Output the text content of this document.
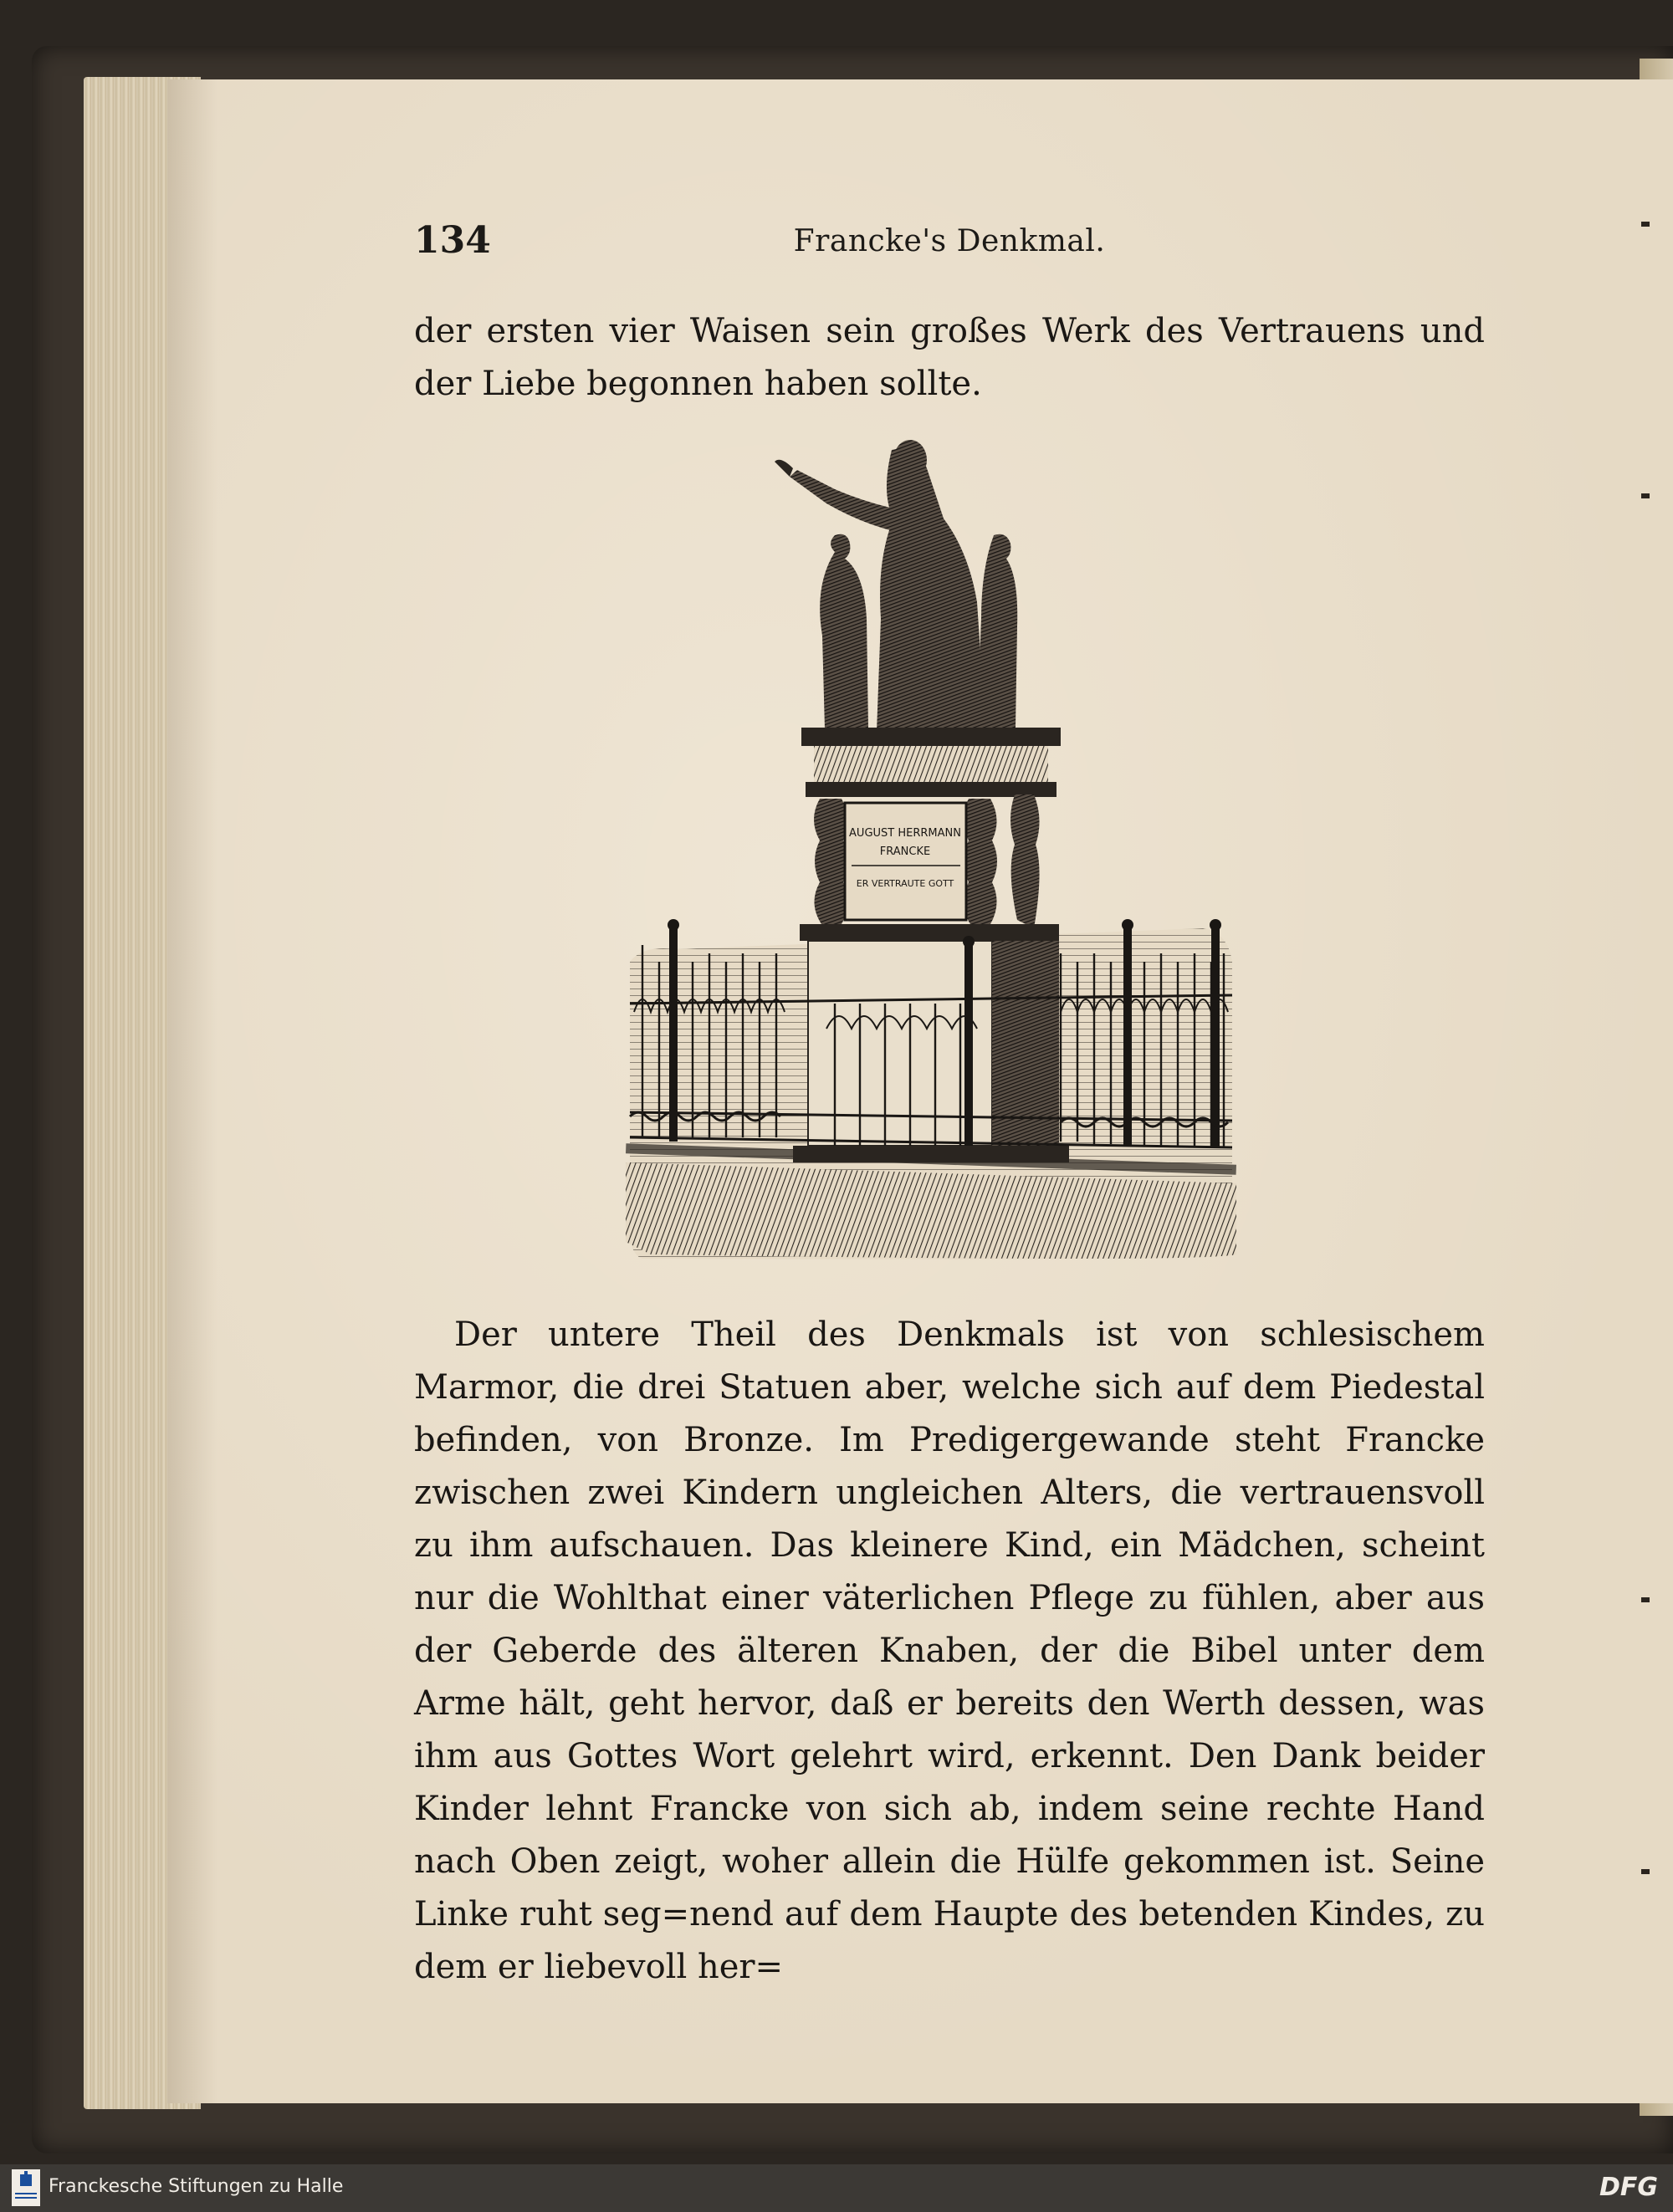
134	Francke's Denkmal.

der ersten vier Waisen sein großes Werk des Vertrauens und der Liebe begonnen haben sollte.

AUGUST HERRMANN
FRANCKE
ER VERTRAUTE GOTT

Der untere Theil des Denkmals ist von schlesischem Marmor, die drei Statuen aber, welche sich auf dem Piedestal befinden, von Bronze. Im Predigergewande steht Francke zwischen zwei Kindern ungleichen Alters, die vertrauensvoll zu ihm aufschauen. Das kleinere Kind, ein Mädchen, scheint nur die Wohlthat einer väterlichen Pflege zu fühlen, aber aus der Geberde des älteren Knaben, der die Bibel unter dem Arme hält, geht hervor, daß er bereits den Werth dessen, was ihm aus Gottes Wort gelehrt wird, erkennt. Den Dank beider Kinder lehnt Francke von sich ab, indem seine rechte Hand nach Oben zeigt, woher allein die Hülfe gekommen ist. Seine Linke ruht seg=nend auf dem Haupte des betenden Kindes, zu dem er liebevoll her=

Franckesche Stiftungen zu Halle	DFG
